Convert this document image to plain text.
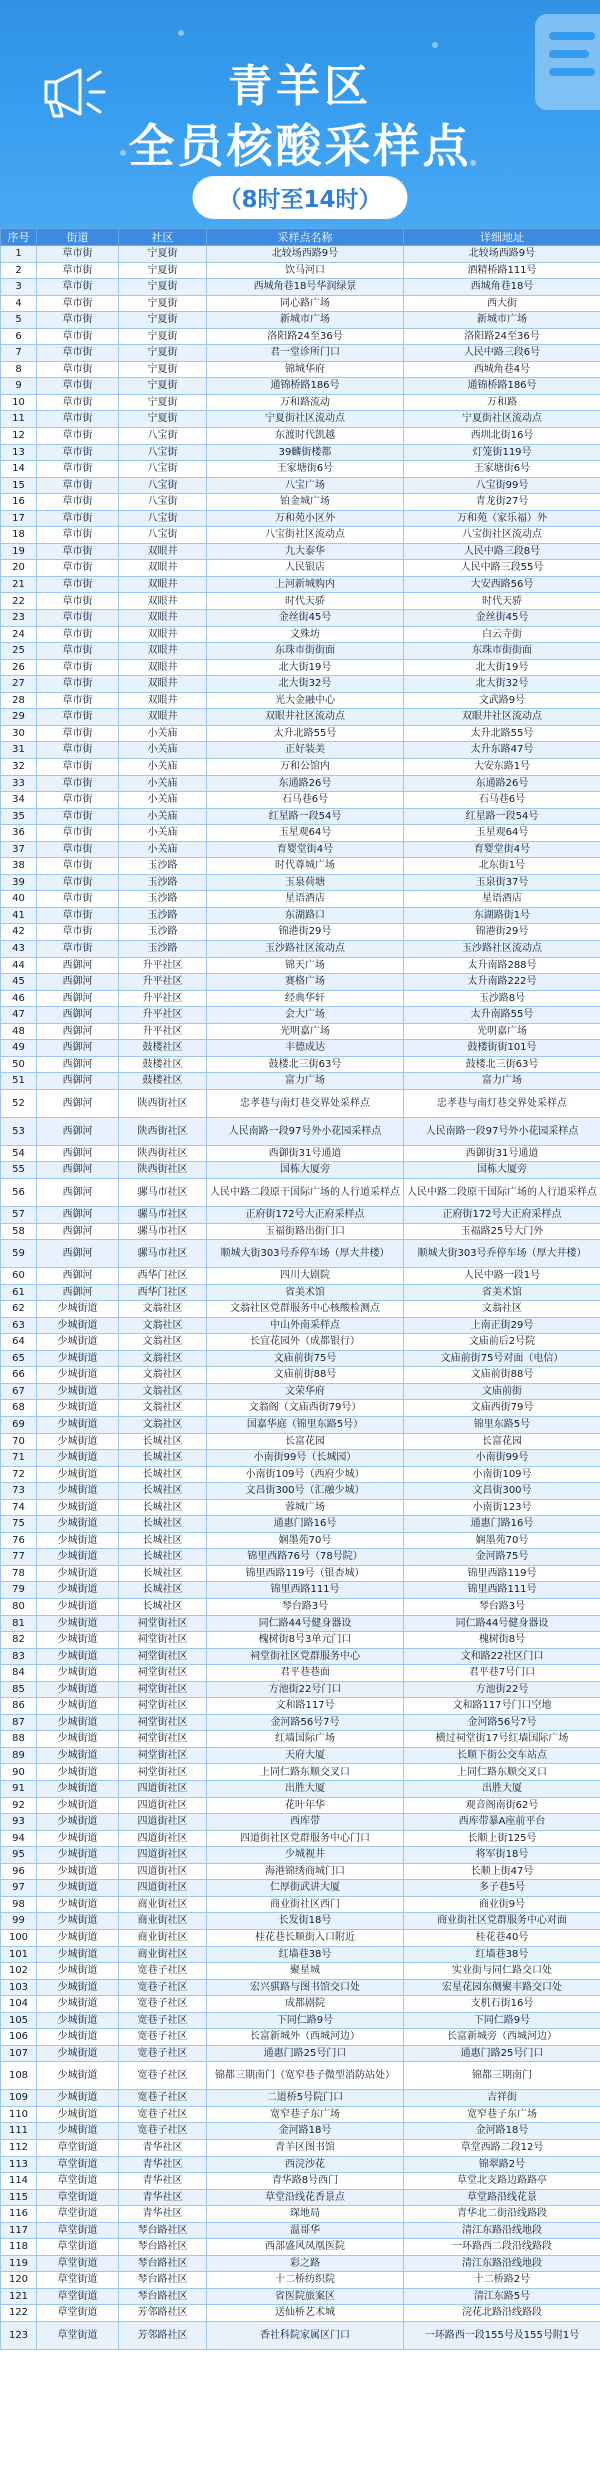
青羊区
全员核酸采样点
（8时至14时）
序号	街道	社区	采样点名称	详细地址
1	草市街	宁夏街	北较场西路9号	北较场西路9号
2	草市街	宁夏街	饮马河口	酒精桥路111号
3	草市街	宁夏街	西城角巷18号华润绿景	西城角巷18号
4	草市街	宁夏街	同心路广场	西大街
5	草市街	宁夏街	新城市广场	新城市广场
6	草市街	宁夏街	洛阳路24至36号	洛阳路24至36号
7	草市街	宁夏街	君一堂诊所门口	人民中路三段6号
8	草市街	宁夏街	锦城华府	西城角巷4号
9	草市街	宁夏街	通锦桥路186号	通锦桥路186号
10	草市街	宁夏街	万和路流动	万和路
11	草市街	宁夏街	宁夏街社区流动点	宁夏街社区流动点
12	草市街	八宝街	东渡时代凯越	西圳北街16号
13	草市街	八宝街	39麟街楼都	灯笼街119号
14	草市街	八宝街	王家塘街6号	王家塘街6号
15	草市街	八宝街	八宝广场	八宝街99号
16	草市街	八宝街	铂金城广场	青龙街27号
17	草市街	八宝街	万和苑小区外	万和苑（家乐福）外
18	草市街	八宝街	八宝街社区流动点	八宝街社区流动点
19	草市街	双眼井	九大泰华	人民中路三段8号
20	草市街	双眼井	人民银店	人民中路三段55号
21	草市街	双眼井	上河新城购内	大安西路56号
22	草市街	双眼井	时代天骄	时代天骄
23	草市街	双眼井	金丝街45号	金丝街45号
24	草市街	双眼井	文殊坊	白云寺街
25	草市街	双眼井	东珠市街街面	东珠市街街面
26	草市街	双眼井	北大街19号	北大街19号
27	草市街	双眼井	北大街32号	北大街32号
28	草市街	双眼井	光大金融中心	文武路9号
29	草市街	双眼井	双眼井社区流动点	双眼井社区流动点
30	草市街	小关庙	太升北路55号	太升北路55号
31	草市街	小关庙	正好装美	太升东路47号
32	草市街	小关庙	万和公馆内	大安东路1号
33	草市街	小关庙	东通路26号	东通路26号
34	草市街	小关庙	石马巷6号	石马巷6号
35	草市街	小关庙	红星路一段54号	红星路一段54号
36	草市街	小关庙	玉星观64号	玉星观64号
37	草市街	小关庙	育婴堂街4号	育婴堂街4号
38	草市街	玉沙路	时代尊城广场	北东街1号
39	草市街	玉沙路	玉泉荷塘	玉泉街37号
40	草市街	玉沙路	星语酒店	星语酒店
41	草市街	玉沙路	东湖路口	东湖路街1号
42	草市街	玉沙路	锦港街29号	锦港街29号
43	草市街	玉沙路	玉沙路社区流动点	玉沙路社区流动点
44	西御河	升平社区	锦天广场	太升南路288号
45	西御河	升平社区	赛格广场	太升南路222号
46	西御河	升平社区	经典华轩	玉沙路8号
47	西御河	升平社区	会大广场	太升南路55号
48	西御河	升平社区	光明嘉广场	光明嘉广场
49	西御河	鼓楼社区	丰德成达	鼓楼街街101号
50	西御河	鼓楼社区	鼓楼北三街63号	鼓楼北三街63号
51	西御河	鼓楼社区	富力广场	富力广场
52	西御河	陕西街社区	忠孝巷与南灯巷交界处采样点	忠孝巷与南灯巷交界处采样点
53	西御河	陕西街社区	人民南路一段97号外小花园采样点	人民南路一段97号外小花园采样点
54	西御河	陕西街社区	西御街31号通道	西御街31号通道
55	西御河	陕西街社区	国栋大厦旁	国栋大厦旁
56	西御河	骡马市社区	人民中路二段原干国际广场的人行道采样点	人民中路二段原干国际广场的人行道采样点
57	西御河	骡马市社区	正府街172号大正府采样点	正府街172号大正府采样点
58	西御河	骡马市社区	玉福街路出街门口	玉福路25号大门外
59	西御河	骡马市社区	顺城大街303号乔停车场（厚大井楼）	顺城大街303号乔停车场（厚大井楼）
60	西御河	西华门社区	四川大剧院	人民中路一段1号
61	西御河	西华门社区	省美术馆	省美术馆
62	少城街道	文翁社区	文翁社区党群服务中心核酸检测点	文翁社区
63	少城街道	文翁社区	中山外南采样点	上南正街29号
64	少城街道	文翁社区	长宜花园外（成都银行）	文庙前后2号院
65	少城街道	文翁社区	文庙前街75号	文庙前街75号对面（电信）
66	少城街道	文翁社区	文庙前街88号	文庙前街88号
67	少城街道	文翁社区	文荣华府	文庙前街
68	少城街道	文翁社区	文翁阁（文庙西街79号）	文庙西街79号
69	少城街道	文翁社区	国嘉华庭（锦里东路5号）	锦里东路5号
70	少城街道	长城社区	长富花园	长富花园
71	少城街道	长城社区	小南街99号（长城园）	小南街99号
72	少城街道	长城社区	小南街109号（西府少城）	小南街109号
73	少城街道	长城社区	文昌街300号（汇融少城）	文昌街300号
74	少城街道	长城社区	蓉城广场	小南街123号
75	少城街道	长城社区	通惠门路16号	通惠门路16号
76	少城街道	长城社区	娴墨苑70号	娴墨苑70号
77	少城街道	长城社区	锦里西路76号（78号院）	金河路75号
78	少城街道	长城社区	锦里西路119号（银杏城）	锦里西路119号
79	少城街道	长城社区	锦里西路111号	锦里西路111号
80	少城街道	长城社区	琴台路3号	琴台路3号
81	少城街道	祠堂街社区	同仁路44号健身器设	同仁路44号健身器设
82	少城街道	祠堂街社区	槐树街8号3单元门口	槐树街8号
83	少城街道	祠堂街社区	祠堂街社区党群服务中心	文和路22社区门口
84	少城街道	祠堂街社区	君平巷巷面	君平巷7号门口
85	少城街道	祠堂街社区	方池街22号门口	方池街22号
86	少城街道	祠堂街社区	文和路117号	文和路117号门口空地
87	少城街道	祠堂街社区	金河路56号7号	金河路56号7号
88	少城街道	祠堂街社区	红墙国际广场	横过祠堂街17号红墙国际广场
89	少城街道	祠堂街社区	天府大厦	长顺下街公交车站点
90	少城街道	祠堂街社区	上同仁路东顺交叉口	上同仁路东顺交叉口
91	少城街道	四道街社区	出胜大厦	出胜大厦
92	少城街道	四道街社区	花叶年华	观音阁南街62号
93	少城街道	四道街社区	西库带	西库带暴A座前平台
94	少城街道	四道街社区	四道街社区党群服务中心门口	长顺上街125号
95	少城街道	四道街社区	少城视井	将军街18号
96	少城街道	四道街社区	海港锦绣商城门口	长顺上街47号
97	少城街道	四道街社区	仁厚街武讲大厦	多子巷5号
98	少城街道	商业街社区	商业街社区西门	商业街9号
99	少城街道	商业街社区	长发街18号	商业街社区党群服务中心对面
100	少城街道	商业街社区	桂花巷长顺街入口附近	桂花巷40号
101	少城街道	商业街社区	红墙巷38号	红墙巷38号
102	少城街道	宽巷子社区	聚星城	实业街与同仁路交口处
103	少城街道	宽巷子社区	宏兴骐路与图书馆交口处	宏星花园东侧聚丰路交口处
104	少城街道	宽巷子社区	成都剧院	支机石街16号
105	少城街道	宽巷子社区	下同仁路9号	下同仁路9号
106	少城街道	宽巷子社区	长富新城外（西城河边）	长富新城旁（西城河边）
107	少城街道	宽巷子社区	通惠门路25号门口	通惠门路25号门口
108	少城街道	宽巷子社区	锦都三期南门（宽窄巷子微型消防站处）	锦都三期南门
109	少城街道	宽巷子社区	二道桥5号院门口	吉祥街
110	少城街道	宽巷子社区	宽窄巷子东广场	宽窄巷子东广场
111	少城街道	宽巷子社区	金河路18号	金河路18号
112	草堂街道	青华社区	青羊区图书馆	草堂西路二段12号
113	草堂街道	青华社区	西浣沙花	锦翠路2号
114	草堂街道	青华社区	青华路8号西门	草堂北支路边路路亭
115	草堂街道	青华社区	草堂沿线花香景点	草堂路沿线花景
116	草堂街道	青华社区	琛地局	青华北二街沿线路段
117	草堂街道	琴台路社区	温哥华	清江东路沿线地段
118	草堂街道	琴台路社区	西部盛风凤凰医院	一环路西二段沿线路段
119	草堂街道	琴台路社区	彩之路	清江东路沿线地段
120	草堂街道	琴台路社区	十二桥纺织院	十二桥路2号
121	草堂街道	琴台路社区	省医院旅案区	清江东路5号
122	草堂街道	芳邻路社区	送仙桥艺术城	浣花北路沿线路段
123	草堂街道	芳邻路社区	香社科院家属区门口	一环路西一段155号及155号附1号
